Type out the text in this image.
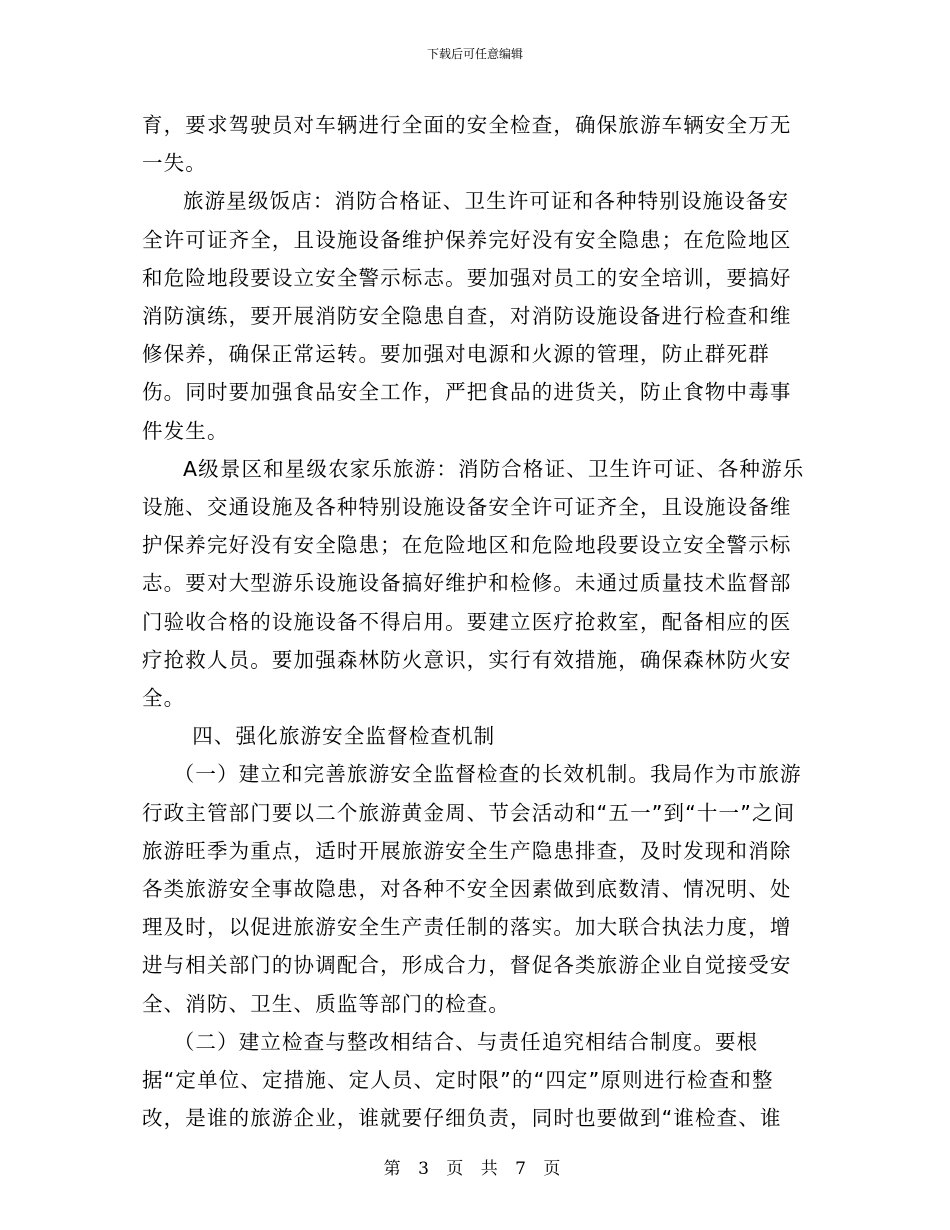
下载后可任意编辑

育，要求驾驶员对车辆进行全面的安全检查，确保旅游车辆安全万无一失。

旅游星级饭店：消防合格证、卫生许可证和各种特别设施设备安全许可证齐全，且设施设备维护保养完好没有安全隐患；在危险地区和危险地段要设立安全警示标志。要加强对员工的安全培训，要搞好消防演练，要开展消防安全隐患自查，对消防设施设备进行检查和维修保养，确保正常运转。要加强对电源和火源的管理，防止群死群伤。同时要加强食品安全工作，严把食品的进货关，防止食物中毒事件发生。

A级景区和星级农家乐旅游：消防合格证、卫生许可证、各种游乐设施、交通设施及各种特别设施设备安全许可证齐全，且设施设备维护保养完好没有安全隐患；在危险地区和危险地段要设立安全警示标志。要对大型游乐设施设备搞好维护和检修。未通过质量技术监督部门验收合格的设施设备不得启用。要建立医疗抢救室，配备相应的医疗抢救人员。要加强森林防火意识，实行有效措施，确保森林防火安全。

四、强化旅游安全监督检查机制

（一）建立和完善旅游安全监督检查的长效机制。我局作为市旅游行政主管部门要以二个旅游黄金周、节会活动和“五一”到“十一”之间旅游旺季为重点，适时开展旅游安全生产隐患排查，及时发现和消除各类旅游安全事故隐患，对各种不安全因素做到底数清、情况明、处理及时，以促进旅游安全生产责任制的落实。加大联合执法力度，增进与相关部门的协调配合，形成合力，督促各类旅游企业自觉接受安全、消防、卫生、质监等部门的检查。

（二）建立检查与整改相结合、与责任追究相结合制度。要根据“定单位、定措施、定人员、定时限”的“四定”原则进行检查和整改，是谁的旅游企业，谁就要仔细负责，同时也要做到“谁检查、谁

第 3 页 共 7 页
